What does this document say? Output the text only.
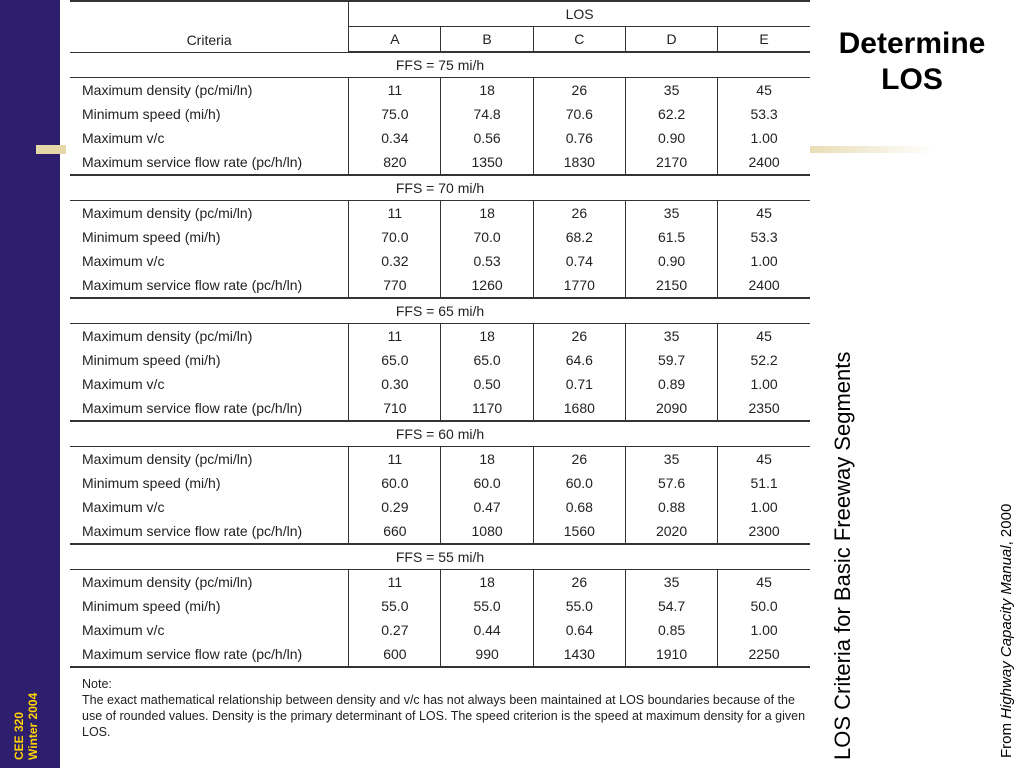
CEE 320 Winter 2004
Criteria	LOS				
	A	B	C	D	E
FFS = 75 mi/h					
Maximum density (pc/mi/ln)	11	18	26	35	45
Minimum speed (mi/h)	75.0	74.8	70.6	62.2	53.3
Maximum v/c	0.34	0.56	0.76	0.90	1.00
Maximum service flow rate (pc/h/ln)	820	1350	1830	2170	2400
FFS = 70 mi/h					
Maximum density (pc/mi/ln)	11	18	26	35	45
Minimum speed (mi/h)	70.0	70.0	68.2	61.5	53.3
Maximum v/c	0.32	0.53	0.74	0.90	1.00
Maximum service flow rate (pc/h/ln)	770	1260	1770	2150	2400
FFS = 65 mi/h					
Maximum density (pc/mi/ln)	11	18	26	35	45
Minimum speed (mi/h)	65.0	65.0	64.6	59.7	52.2
Maximum v/c	0.30	0.50	0.71	0.89	1.00
Maximum service flow rate (pc/h/ln)	710	1170	1680	2090	2350
FFS = 60 mi/h					
Maximum density (pc/mi/ln)	11	18	26	35	45
Minimum speed (mi/h)	60.0	60.0	60.0	57.6	51.1
Maximum v/c	0.29	0.47	0.68	0.88	1.00
Maximum service flow rate (pc/h/ln)	660	1080	1560	2020	2300
FFS = 55 mi/h					
Maximum density (pc/mi/ln)	11	18	26	35	45
Minimum speed (mi/h)	55.0	55.0	55.0	54.7	50.0
Maximum v/c	0.27	0.44	0.64	0.85	1.00
Maximum service flow rate (pc/h/ln)	600	990	1430	1910	2250
Note:
The exact mathematical relationship between density and v/c has not always been maintained at LOS boundaries because of the use of rounded values. Density is the primary determinant of LOS. The speed criterion is the speed at maximum density for a given LOS.
Determine
LOS
LOS Criteria for Basic Freeway Segments	From Highway Capacity Manual, 2000
